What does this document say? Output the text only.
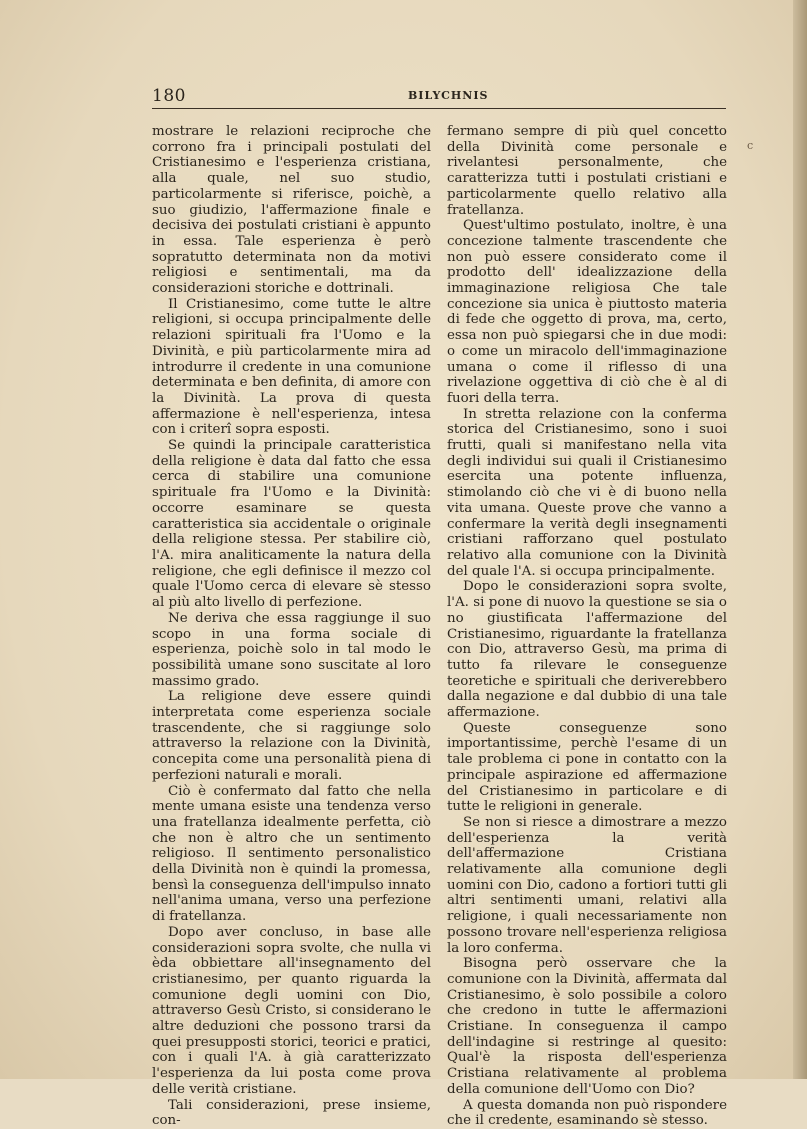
180	BILYCHNIS
c

mostrare le relazioni reciproche che corrono fra i principali postulati del Cristianesimo e l'esperienza cristiana, alla quale, nel suo studio, particolarmente si riferisce, poichè, a suo giudizio, l'affermazione finale e decisiva dei postulati cristiani è appunto in essa. Tale esperienza è però sopratutto determinata non da motivi religiosi e sentimentali, ma da considerazioni storiche e dottrinali.

Il Cristianesimo, come tutte le altre religioni, si occupa principalmente delle relazioni spirituali fra l'Uomo e la Divinità, e più particolarmente mira ad introdurre il credente in una comunione determinata e ben definita, di amore con la Divinità. La prova di questa affermazione è nell'esperienza, intesa con i criterî sopra esposti.

Se quindi la principale caratteristica della religione è data dal fatto che essa cerca di stabilire una comunione spirituale fra l'Uomo e la Divinità: occorre esaminare se questa caratteristica sia accidentale o originale della religione stessa. Per stabilire ciò, l'A. mira analiticamente la natura della religione, che egli definisce il mezzo col quale l'Uomo cerca di elevare sè stesso al più alto livello di perfezione.

Ne deriva che essa raggiunge il suo scopo in una forma sociale di esperienza, poichè solo in tal modo le possibilità umane sono suscitate al loro massimo grado.

La religione deve essere quindi interpretata come esperienza sociale trascendente, che si raggiunge solo attraverso la relazione con la Divinità, concepita come una personalità piena di perfezioni naturali e morali.

Ciò è confermato dal fatto che nella mente umana esiste una tendenza verso una fratellanza idealmente perfetta, ciò che non è altro che un sentimento religioso. Il sentimento personalistico della Divinità non è quindi la promessa, bensì la conseguenza dell'impulso innato nell'anima umana, verso una perfezione di fratellanza.

Dopo aver concluso, in base alle considerazioni sopra svolte, che nulla vi èda obbiettare all'insegnamento del cristianesimo, per quanto riguarda la comunione degli uomini con Dio, attraverso Gesù Cristo, si considerano le altre deduzioni che possono trarsi da quei presupposti storici, teorici e pratici, con i quali l'A. à già caratterizzato l'esperienza da lui posta come prova delle verità cristiane.

Tali considerazioni, prese insieme, con-

fermano sempre di più quel concetto della Divinità come personale e rivelantesi personalmente, che caratterizza tutti i postulati cristiani e particolarmente quello relativo alla fratellanza.

Quest'ultimo postulato, inoltre, è una concezione talmente trascendente che non può essere considerato come il prodotto dell' idealizzazione della immaginazione religiosa Che tale concezione sia unica è piuttosto materia di fede che oggetto di prova, ma, certo, essa non può spiegarsi che in due modi: o come un miracolo dell'immaginazione umana o come il riflesso di una rivelazione oggettiva di ciò che è al di fuori della terra.

In stretta relazione con la conferma storica del Cristianesimo, sono i suoi frutti, quali si manifestano nella vita degli individui sui quali il Cristianesimo esercita una potente influenza, stimolando ciò che vi è di buono nella vita umana. Queste prove che vanno a confermare la verità degli insegnamenti cristiani rafforzano quel postulato relativo alla comunione con la Divinità del quale l'A. si occupa principalmente.

Dopo le considerazioni sopra svolte, l'A. si pone di nuovo la questione se sia o no giustificata l'affermazione del Cristianesimo, riguardante la fratellanza con Dio, attraverso Gesù, ma prima di tutto fa rilevare le conseguenze teoretiche e spirituali che deriverebbero dalla negazione e dal dubbio di una tale affermazione.

Queste conseguenze sono importantissime, perchè l'esame di un tale problema ci pone in contatto con la principale aspirazione ed affermazione del Cristianesimo in particolare e di tutte le religioni in generale.

Se non si riesce a dimostrare a mezzo dell'esperienza la verità dell'affermazione Cristiana relativamente alla comunione degli uomini con Dio, cadono a fortiori tutti gli altri sentimenti umani, relativi alla religione, i quali necessariamente non possono trovare nell'esperienza religiosa la loro conferma.

Bisogna però osservare che la comunione con la Divinità, affermata dal Cristianesimo, è solo possibile a coloro che credono in tutte le affermazioni Cristiane. In conseguenza il campo dell'indagine si restringe al quesito: Qual'è la risposta dell'esperienza Cristiana relativamente al problema della comunione dell'Uomo con Dio?

A questa domanda non può rispondere che il credente, esaminando sè stesso.
